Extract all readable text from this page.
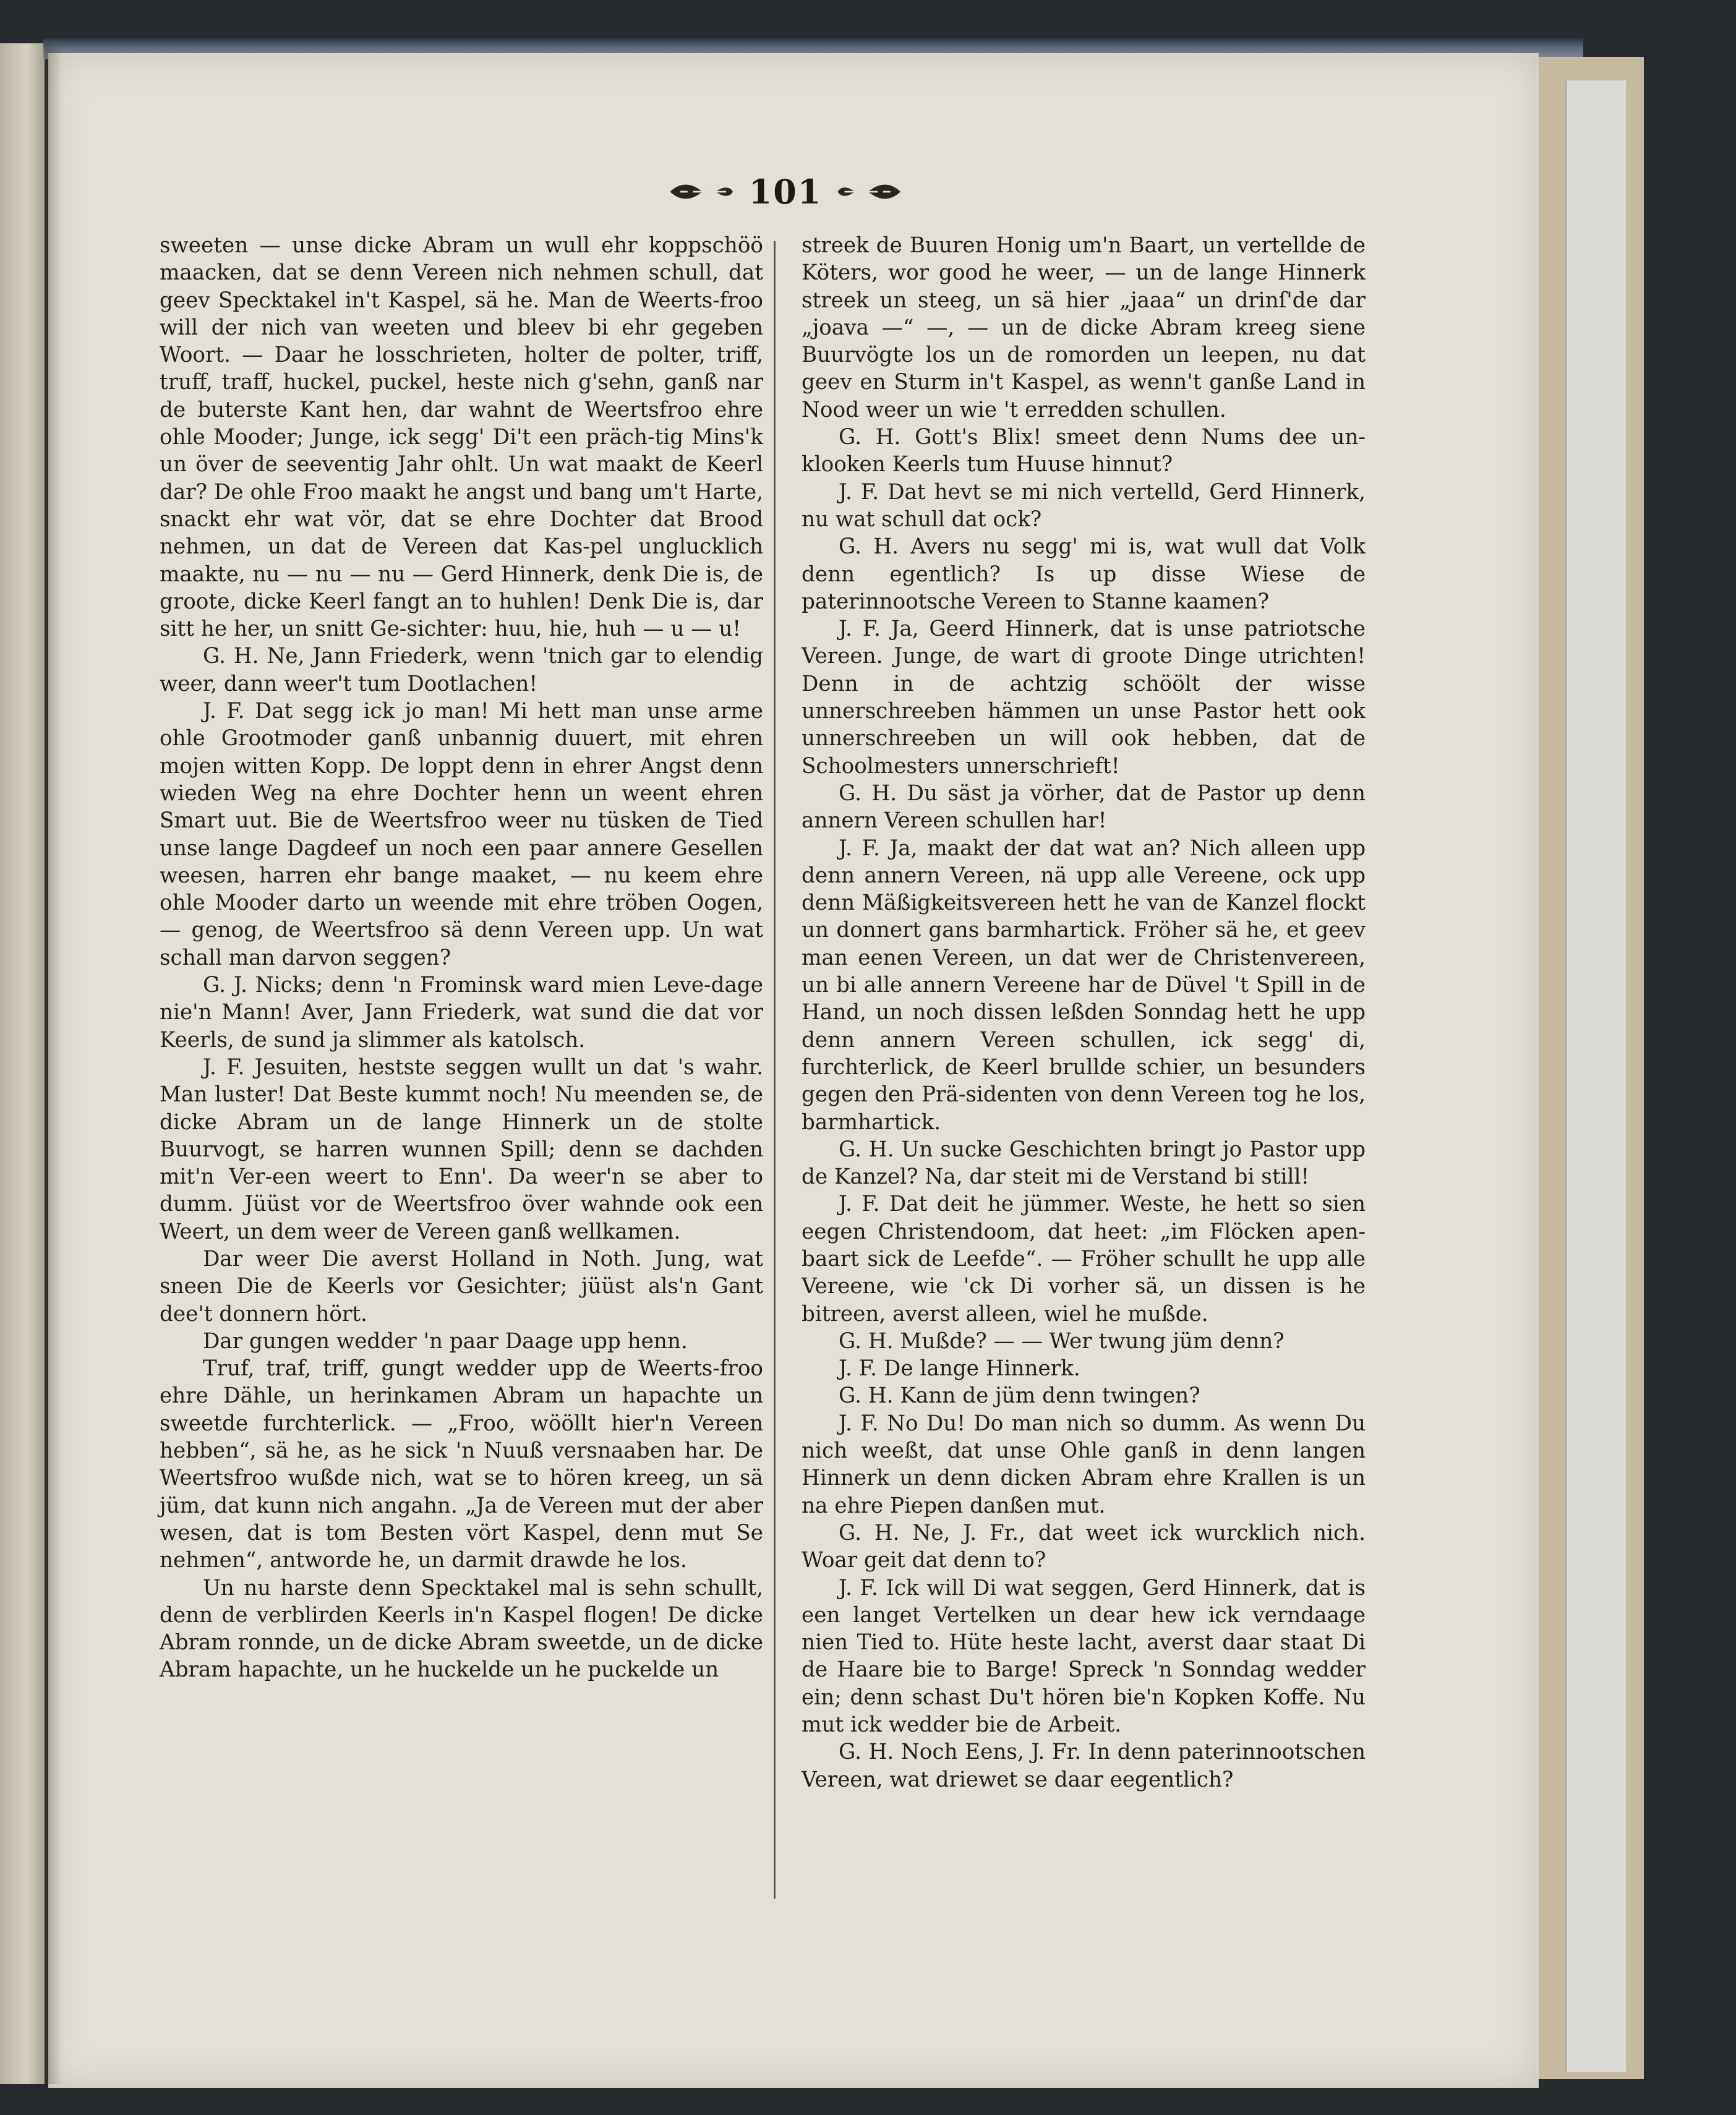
101

sweeten — unse dicke Abram un wull ehr koppschöö maacken, dat se denn Vereen nich nehmen schull, dat geev Specktakel in't Kaspel, sä he. Man de Weerts-froo will der nich van weeten und bleev bi ehr gegeben Woort. — Daar he losschrieten, holter de polter, triff, truff, traff, huckel, puckel, heste nich g'sehn, ganß nar de buterste Kant hen, dar wahnt de Weertsfroo ehre ohle Mooder; Junge, ick segg' Di't een präch-tig Mins'k un över de seeventig Jahr ohlt. Un wat maakt de Keerl dar? De ohle Froo maakt he angst und bang um't Harte, snackt ehr wat vör, dat se ehre Dochter dat Brood nehmen, un dat de Vereen dat Kas-pel unglucklich maakte, nu — nu — nu — Gerd Hinnerk, denk Die is, de groote, dicke Keerl fangt an to huhlen! Denk Die is, dar sitt he her, un snitt Ge-sichter: huu, hie, huh — u — u!

G. H. Ne, Jann Friederk, wenn 'tnich gar to elendig weer, dann weer't tum Dootlachen!

J. F. Dat segg ick jo man! Mi hett man unse arme ohle Grootmoder ganß unbannig duuert, mit ehren mojen witten Kopp. De loppt denn in ehrer Angst denn wieden Weg na ehre Dochter henn un weent ehren Smart uut. Bie de Weertsfroo weer nu tüsken de Tied unse lange Dagdeef un noch een paar annere Gesellen weesen, harren ehr bange maaket, — nu keem ehre ohle Mooder darto un weende mit ehre tröben Oogen, — genog, de Weertsfroo sä denn Vereen upp. Un wat schall man darvon seggen?

G. J. Nicks; denn 'n Frominsk ward mien Leve-dage nie'n Mann! Aver, Jann Friederk, wat sund die dat vor Keerls, de sund ja slimmer als katolsch.

J. F. Jesuiten, heststе seggen wullt un dat 's wahr. Man luster! Dat Beste kummt noch! Nu meenden se, de dicke Abram un de lange Hinnerk un de stolte Buurvogt, se harren wunnen Spill; denn se dachden mit'n Ver-een weert to Enn'. Da weer'n se aber to dumm. Jüüst vor de Weertsfroo över wahnde ook een Weert, un dem weer de Vereen ganß wellkamen.

Dar weer Die averst Holland in Noth. Jung, wat sneen Die de Keerls vor Gesichter; jüüst als'n Gant dee't donnern hört.

Dar gungen wedder 'n paar Daage upp henn.

Truf, traf, triff, gungt wedder upp de Weerts-froo ehre Dähle, un herinkamen Abram un hapachte un sweetde furchterlick. — „Froo, wööllt hier'n Vereen hebben“, sä he, as he sick 'n Nuuß versnaaben har. De Weertsfroo wußde nich, wat se to hören kreeg, un sä jüm, dat kunn nich angahn. „Ja de Vereen mut der aber wesen, dat is tom Besten vört Kaspel, denn mut Se nehmen“, antworde he, un darmit drawde he los.

Un nu harste denn Specktakel mal is sehn schullt, denn de verblirden Keerls in'n Kaspel flogen! De dicke Abram ronnde, un de dicke Abram sweetde, un de dicke Abram hapachte, un he huckelde un he puckelde un

streek de Buuren Honig um'n Baart, un vertellde de Köters, wor good he weer, — un de lange Hinnerk streek un steeg, un sä hier „jaaa“ un drinſ'de dar „joava —“ —, — un de dicke Abram kreeg siene Buurvögte los un de romorden un leepen, nu dat geev en Sturm in't Kaspel, as wenn't ganße Land in Nood weer un wie 't erredden schullen.

G. H. Gott's Blix! smeet denn Nums dee un-klooken Keerls tum Huuse hinnut?

J. F. Dat hevt se mi nich vertelld, Gerd Hinnerk, nu wat schull dat ock?

G. H. Avers nu segg' mi is, wat wull dat Volk denn egentlich? Is up disse Wiese de paterinnootsche Vereen to Stanne kaamen?

J. F. Ja, Geerd Hinnerk, dat is unse patriotsche Vereen. Junge, de wart di groote Dinge utrichten! Denn in de achtzig schöölt der wisse unnerschreeben hämmen un unse Pastor hett ook unnerschreeben un will ook hebben, dat de Schoolmesters unnerschrieft!

G. H. Du säst ja vörher, dat de Pastor up denn annern Vereen schullen har!

J. F. Ja, maakt der dat wat an? Nich alleen upp denn annern Vereen, nä upp alle Vereene, ock upp denn Mäßigkeitsvereen hett he van de Kanzel flockt un donnert gans barmhartick. Fröher sä he, et geev man eenen Vereen, un dat wer de Christenvereen, un bi alle annern Vereene har de Düvel 't Spill in de Hand, un noch dissen leßden Sonndag hett he upp denn annern Vereen schullen, ick segg' di, furchterlick, de Keerl brullde schier, un besunders gegen den Prä-sidenten von denn Vereen tog he los, barmhartick.

G. H. Un sucke Geschichten bringt jo Pastor upp de Kanzel? Na, dar steit mi de Verstand bi still!

J. F. Dat deit he jümmer. Weste, he hett so sien eegen Christendoom, dat heet: „im Flöcken apen-baart sick de Leefde“. — Fröher schullt he upp alle Vereene, wie 'ck Di vorher sä, un dissen is he bitreen, averst alleen, wiel he mußde.

G. H. Mußde? — — Wer twung jüm denn?

J. F. De lange Hinnerk.

G. H. Kann de jüm denn twingen?

J. F. No Du! Do man nich so dumm. As wenn Du nich weeßt, dat unse Ohle ganß in denn langen Hinnerk un denn dicken Abram ehre Krallen is un na ehre Piepen danßen mut.

G. H. Ne, J. Fr., dat weet ick wurcklich nich. Woar geit dat denn to?

J. F. Ick will Di wat seggen, Gerd Hinnerk, dat is een langet Vertelken un dear hew ick verndaage nien Tied to. Hüte heste lacht, averst daar staat Di de Haare bie to Barge! Spreck 'n Sonndag wedder ein; denn schast Du't hören bie'n Kopken Koffe. Nu mut ick wedder bie de Arbeit.

G. H. Noch Eens, J. Fr. In denn paterinnootschen Vereen, wat driewet se daar eegentlich?
